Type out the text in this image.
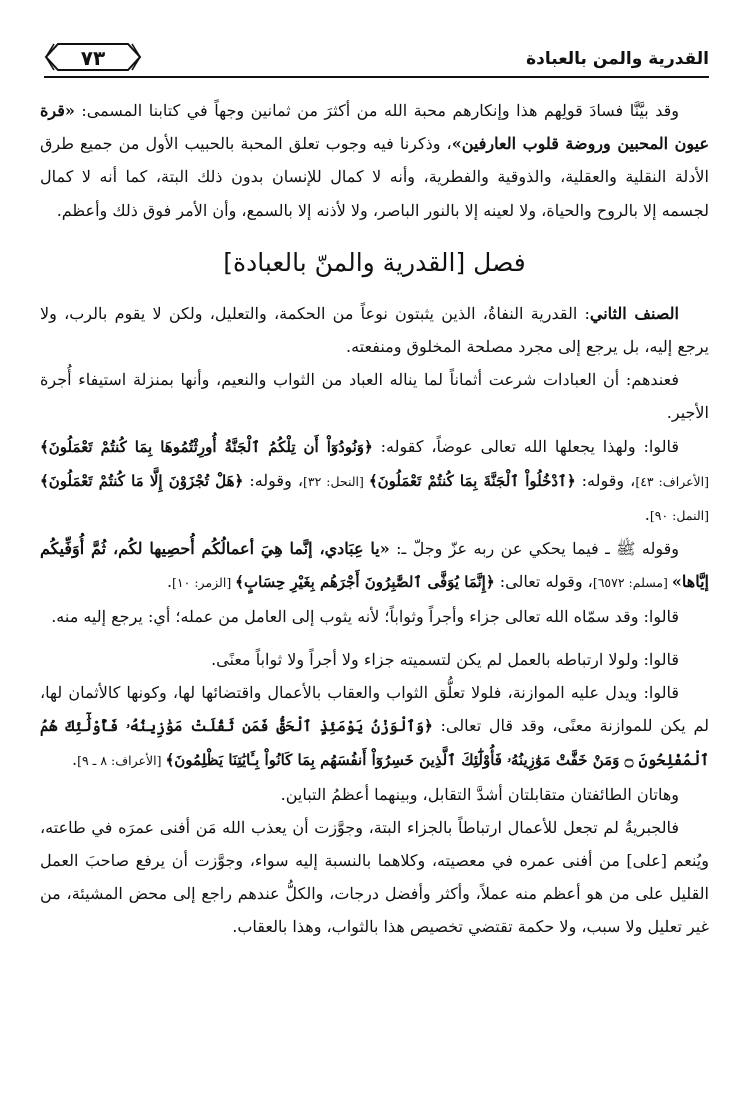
القدرية والمن بالعبادة
٧٣

وقد بيَّنَّا فسادَ قولِهم هذا وإنكارهم محبة الله من أكثرَ من ثمانين وجهاً في كتابنا المسمى: «قرة عيون المحبين وروضة قلوب العارفين»، وذكرنا فيه وجوب تعلق المحبة بالحبيب الأول من جميع طرق الأدلة النقلية والعقلية، والذوقية والفطرية، وأنه لا كمال للإنسان بدون ذلك البتة، كما أنه لا كمال لجسمه إلا بالروح والحياة، ولا لعينه إلا بالنور الباصر، ولا لأذنه إلا بالسمع، وأن الأمر فوق ذلك وأعظم.

فصل [القدرية والمنّ بالعبادة]

الصنف الثاني: القدرية النفاةُ، الذين يثبتون نوعاً من الحكمة، والتعليل، ولكن لا يقوم بالرب، ولا يرجع إليه، بل يرجع إلى مجرد مصلحة المخلوق ومنفعته.

فعندهم: أن العبادات شرعت أثماناً لما يناله العباد من الثواب والنعيم، وأنها بمنزلة استيفاء أُجرة الأجير.

قالوا: ولهذا يجعلها الله تعالى عوضاً، كقوله: ﴿وَنُودُوٓاْ أَن تِلْكُمُ ٱلْجَنَّةُ أُورِثْتُمُوهَا بِمَا كُنتُمْ تَعْمَلُونَ﴾ [الأعراف: ٤٣]، وقوله: ﴿ٱدْخُلُواْ ٱلْجَنَّةَ بِمَا كُنتُمْ تَعْمَلُونَ﴾ [النحل: ٣٢]، وقوله: ﴿هَلْ تُجْزَوْنَ إِلَّا مَا كُنتُمْ تَعْمَلُونَ﴾ [النمل: ٩٠].

وقوله ﷺ ـ فيما يحكي عن ربه عزّ وجلّ ـ: «يا عِبَادي، إنَّما هِيَ أعمالُكُم أُحصِيها لكُم، ثُمَّ أُوَفِّيكُم إيَّاها» [مسلم: ٦٥٧٢]، وقوله تعالى: ﴿إِنَّمَا يُوَفَّى ٱلصَّٰبِرُونَ أَجْرَهُم بِغَيْرِ حِسَابٍ﴾ [الزمر: ١٠].

قالوا: وقد سمّاه الله تعالى جزاء وأجراً وثواباً؛ لأنه يثوب إلى العامل من عمله؛ أي: يرجع إليه منه.

قالوا: ولولا ارتباطه بالعمل لم يكن لتسميته جزاء ولا أجراً ولا ثواباً معنًى.

قالوا: ويدل عليه الموازنة، فلولا تعلُّق الثواب والعقاب بالأعمال واقتضائها لها، وكونها كالأثمان لها، لم يكن للموازنة معنًى، وقد قال تعالى: ﴿وَٱلْوَزْنُ يَوْمَئِذٍ ٱلْحَقُّ فَمَن ثَقُلَتْ مَوَٰزِينُهُۥ فَأُوْلَٰٓئِكَ هُمُ ٱلْمُفْلِحُونَ ۝ وَمَنْ خَفَّتْ مَوَٰزِينُهُۥ فَأُوْلَٰٓئِكَ ٱلَّذِينَ خَسِرُوٓاْ أَنفُسَهُم بِمَا كَانُواْ بِـَٔايَٰتِنَا يَظْلِمُونَ﴾ [الأعراف: ٨ ـ ٩].

وهاتان الطائفتان متقابلتان أشدَّ التقابل، وبينهما أعظمُ التباين.

فالجبريةُ لم تجعل للأعمال ارتباطاً بالجزاء البتة، وجوَّزت أن يعذب الله مَن أفنى عمرَه في طاعته، ويُنعم [على] من أفنى عمره في معصيته، وكلاهما بالنسبة إليه سواء، وجوَّزت أن يرفع صاحبَ العمل القليل على من هو أعظم منه عملاً، وأكثر وأفضل درجات، والكلُّ عندهم راجع إلى محض المشيئة، من غير تعليل ولا سبب، ولا حكمة تقتضي تخصيص هذا بالثواب، وهذا بالعقاب.
